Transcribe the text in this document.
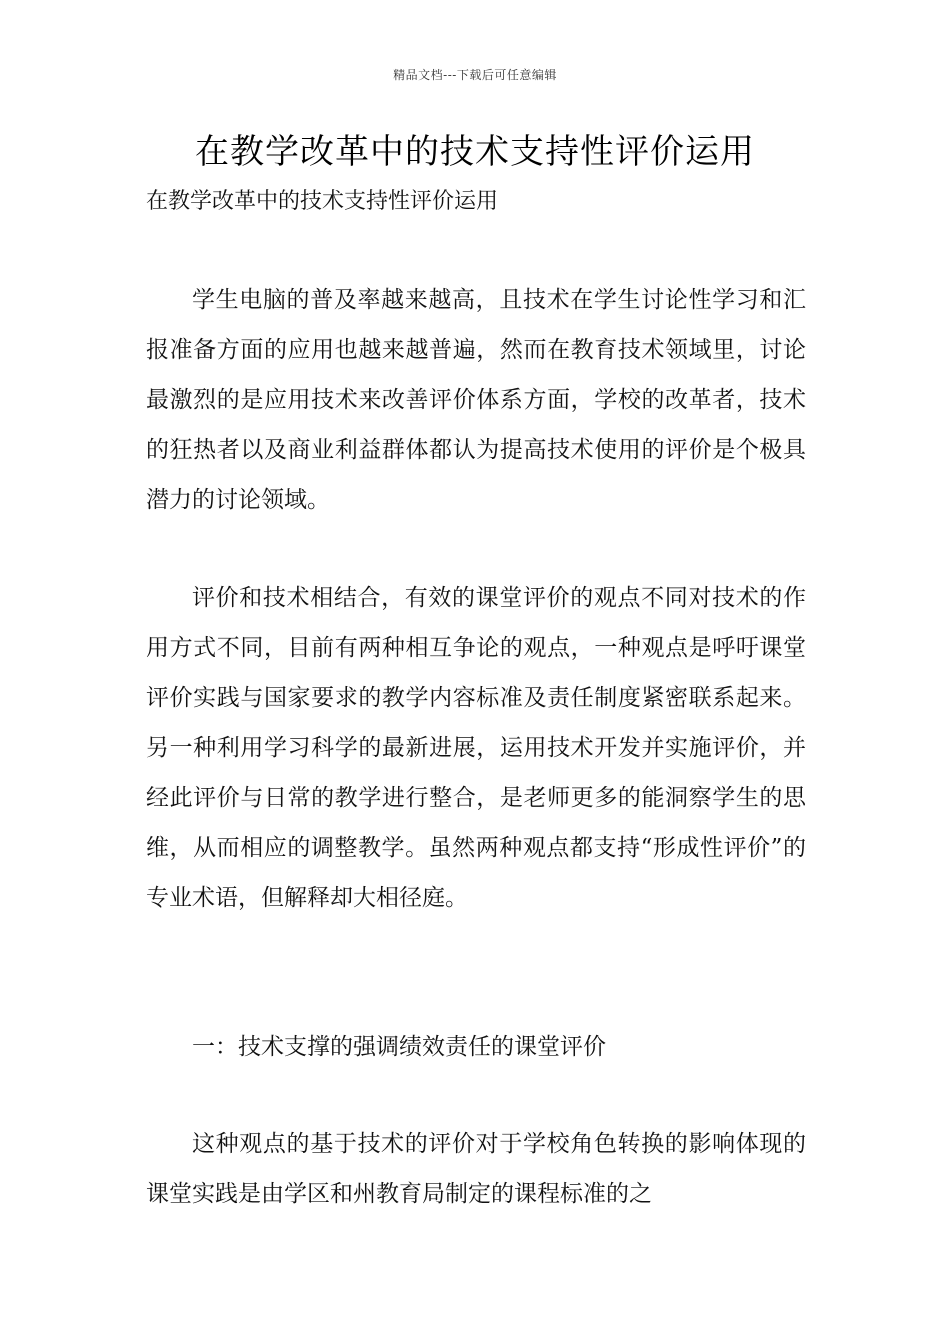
精品文档---下载后可任意编辑
在教学改革中的技术支持性评价运用

在教学改革中的技术支持性评价运用

学生电脑的普及率越来越高，且技术在学生讨论性学习和汇报准备方面的应用也越来越普遍，然而在教育技术领域里，讨论最激烈的是应用技术来改善评价体系方面，学校的改革者，技术的狂热者以及商业利益群体都认为提高技术使用的评价是个极具潜力的讨论领域。

评价和技术相结合，有效的课堂评价的观点不同对技术的作用方式不同，目前有两种相互争论的观点，一种观点是呼吁课堂评价实践与国家要求的教学内容标准及责任制度紧密联系起来。另一种利用学习科学的最新进展，运用技术开发并实施评价，并经此评价与日常的教学进行整合，是老师更多的能洞察学生的思维，从而相应的调整教学。虽然两种观点都支持“形成性评价”的专业术语，但解释却大相径庭。

一：技术支撑的强调绩效责任的课堂评价

这种观点的基于技术的评价对于学校角色转换的影响体现的课堂实践是由学区和州教育局制定的课程标准的之
